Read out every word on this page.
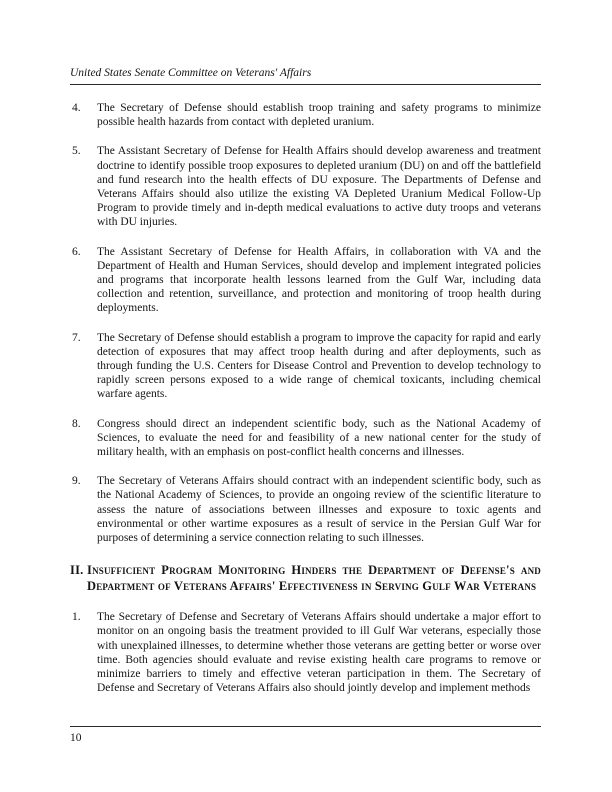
United States Senate Committee on Veterans' Affairs
4. The Secretary of Defense should establish troop training and safety programs to minimize possible health hazards from contact with depleted uranium.
5. The Assistant Secretary of Defense for Health Affairs should develop awareness and treatment doctrine to identify possible troop exposures to depleted uranium (DU) on and off the battlefield and fund research into the health effects of DU exposure. The Departments of Defense and Veterans Affairs should also utilize the existing VA Depleted Uranium Medical Follow-Up Program to provide timely and in-depth medical evaluations to active duty troops and veterans with DU injuries.
6. The Assistant Secretary of Defense for Health Affairs, in collaboration with VA and the Department of Health and Human Services, should develop and implement integrated policies and programs that incorporate health lessons learned from the Gulf War, including data collection and retention, surveillance, and protection and monitoring of troop health during deployments.
7. The Secretary of Defense should establish a program to improve the capacity for rapid and early detection of exposures that may affect troop health during and after deployments, such as through funding the U.S. Centers for Disease Control and Prevention to develop technology to rapidly screen persons exposed to a wide range of chemical toxicants, including chemical warfare agents.
8. Congress should direct an independent scientific body, such as the National Academy of Sciences, to evaluate the need for and feasibility of a new national center for the study of military health, with an emphasis on post-conflict health concerns and illnesses.
9. The Secretary of Veterans Affairs should contract with an independent scientific body, such as the National Academy of Sciences, to provide an ongoing review of the scientific literature to assess the nature of associations between illnesses and exposure to toxic agents and environmental or other wartime exposures as a result of service in the Persian Gulf War for purposes of determining a service connection relating to such illnesses.
II. Insufficient Program Monitoring Hinders the Department of Defense's and Department of Veterans Affairs' Effectiveness in Serving Gulf War Veterans
1. The Secretary of Defense and Secretary of Veterans Affairs should undertake a major effort to monitor on an ongoing basis the treatment provided to ill Gulf War veterans, especially those with unexplained illnesses, to determine whether those veterans are getting better or worse over time. Both agencies should evaluate and revise existing health care programs to remove or minimize barriers to timely and effective veteran participation in them. The Secretary of Defense and Secretary of Veterans Affairs also should jointly develop and implement methods
10
